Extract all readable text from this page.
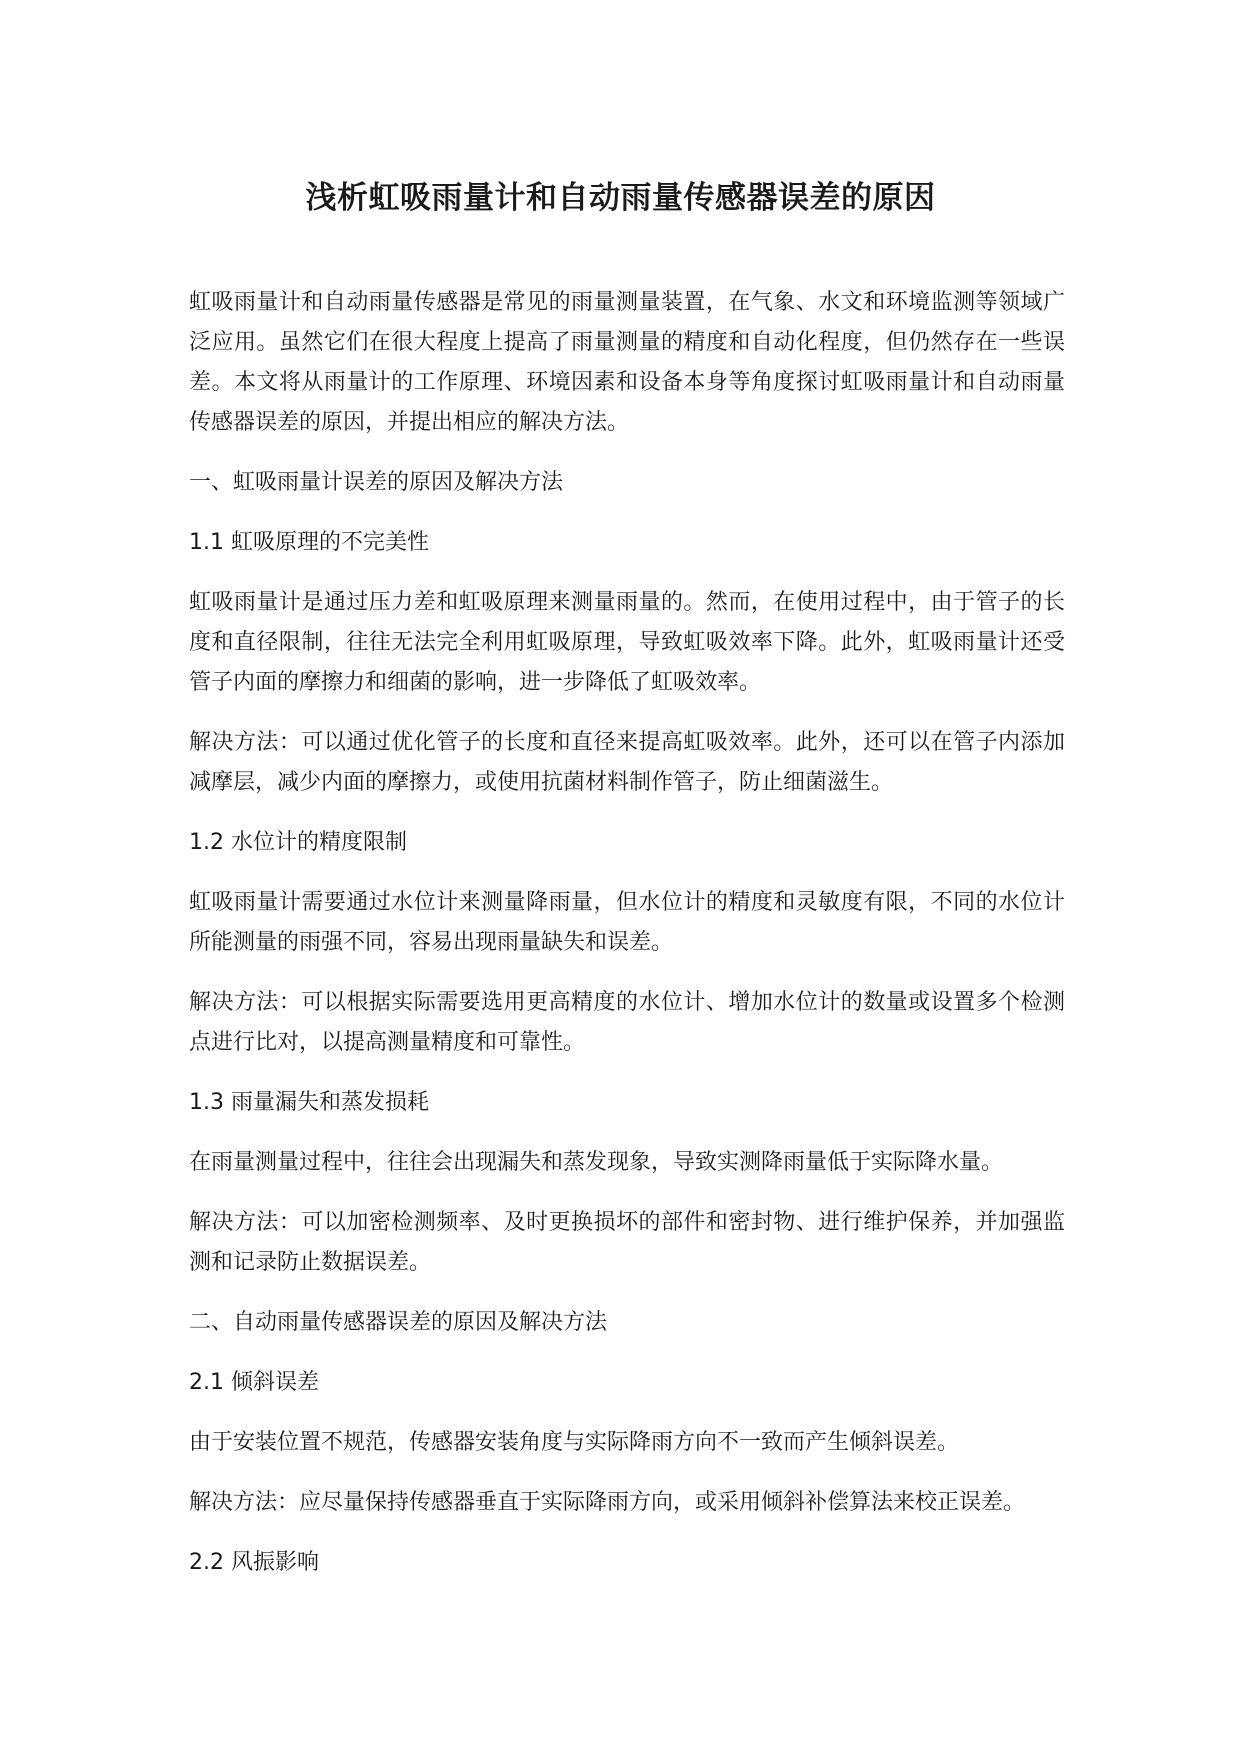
浅析虹吸雨量计和自动雨量传感器误差的原因

虹吸雨量计和自动雨量传感器是常见的雨量测量装置，在气象、水文和环境监测等领域广泛应用。虽然它们在很大程度上提高了雨量测量的精度和自动化程度，但仍然存在一些误差。本文将从雨量计的工作原理、环境因素和设备本身等角度探讨虹吸雨量计和自动雨量传感器误差的原因，并提出相应的解决方法。

一、虹吸雨量计误差的原因及解决方法

1.1 虹吸原理的不完美性

虹吸雨量计是通过压力差和虹吸原理来测量雨量的。然而，在使用过程中，由于管子的长度和直径限制，往往无法完全利用虹吸原理，导致虹吸效率下降。此外，虹吸雨量计还受管子内面的摩擦力和细菌的影响，进一步降低了虹吸效率。

解决方法：可以通过优化管子的长度和直径来提高虹吸效率。此外，还可以在管子内添加减摩层，减少内面的摩擦力，或使用抗菌材料制作管子，防止细菌滋生。

1.2 水位计的精度限制

虹吸雨量计需要通过水位计来测量降雨量，但水位计的精度和灵敏度有限，不同的水位计所能测量的雨强不同，容易出现雨量缺失和误差。

解决方法：可以根据实际需要选用更高精度的水位计、增加水位计的数量或设置多个检测点进行比对，以提高测量精度和可靠性。

1.3 雨量漏失和蒸发损耗

在雨量测量过程中，往往会出现漏失和蒸发现象，导致实测降雨量低于实际降水量。

解决方法：可以加密检测频率、及时更换损坏的部件和密封物、进行维护保养，并加强监测和记录防止数据误差。

二、自动雨量传感器误差的原因及解决方法

2.1 倾斜误差

由于安装位置不规范，传感器安装角度与实际降雨方向不一致而产生倾斜误差。

解决方法：应尽量保持传感器垂直于实际降雨方向，或采用倾斜补偿算法来校正误差。

2.2 风振影响
